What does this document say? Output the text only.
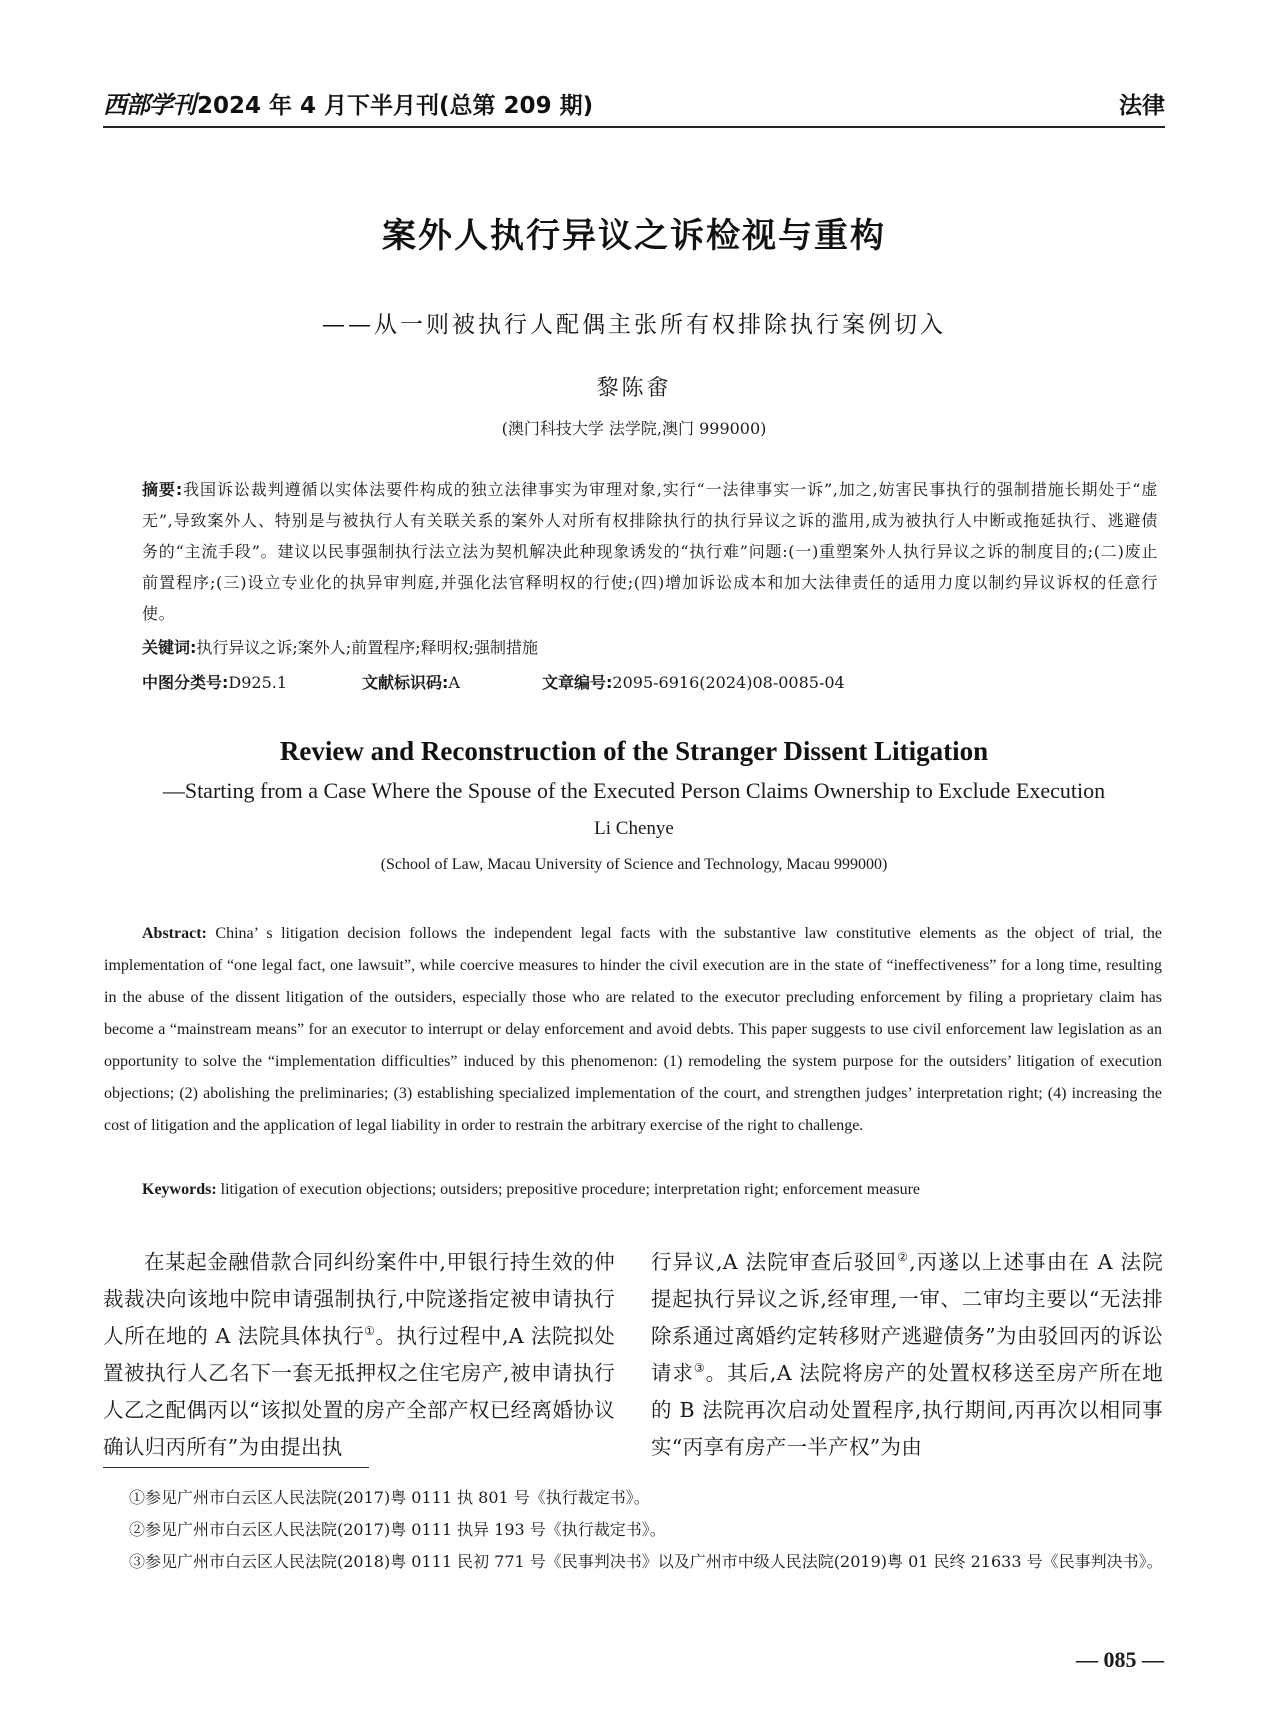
西部学刊 2024 年 4 月下半月刊(总第 209 期)	法律
案外人执行异议之诉检视与重构
——从一则被执行人配偶主张所有权排除执行案例切入
黎陈畬
(澳门科技大学 法学院,澳门 999000)
摘要:我国诉讼裁判遵循以实体法要件构成的独立法律事实为审理对象,实行“一法律事实一诉”,加之,妨害民事执行的强制措施长期处于“虚无”,导致案外人、特别是与被执行人有关联关系的案外人对所有权排除执行的执行异议之诉的滥用,成为被执行人中断或拖延执行、逃避债务的“主流手段”。建议以民事强制执行法立法为契机解决此种现象诱发的“执行难”问题:(一)重塑案外人执行异议之诉的制度目的;(二)废止前置程序;(三)设立专业化的执异审判庭,并强化法官释明权的行使;(四)增加诉讼成本和加大法律责任的适用力度以制约异议诉权的任意行使。
关键词:执行异议之诉;案外人;前置程序;释明权;强制措施
中图分类号:D925.1	文献标识码:A	文章编号:2095-6916(2024)08-0085-04
Review and Reconstruction of the Stranger Dissent Litigation
—Starting from a Case Where the Spouse of the Executed Person Claims Ownership to Exclude Execution
Li Chenye
(School of Law, Macau University of Science and Technology, Macau 999000)
Abstract: China’ s litigation decision follows the independent legal facts with the substantive law constitutive elements as the object of trial, the implementation of “one legal fact, one lawsuit”, while coercive measures to hinder the civil execution are in the state of “ineffectiveness” for a long time, resulting in the abuse of the dissent litigation of the outsiders, especially those who are related to the executor precluding enforcement by filing a proprietary claim has become a “mainstream means” for an executor to interrupt or delay enforcement and avoid debts. This paper suggests to use civil enforcement law legislation as an opportunity to solve the “implementation difficulties” induced by this phenomenon: (1) remodeling the system purpose for the outsiders’ litigation of execution objections; (2) abolishing the preliminaries; (3) establishing specialized implementation of the court, and strengthen judges’ interpretation right; (4) increasing the cost of litigation and the application of legal liability in order to restrain the arbitrary exercise of the right to challenge.
Keywords: litigation of execution objections; outsiders; prepositive procedure; interpretation right; enforcement measure
在某起金融借款合同纠纷案件中,甲银行持生效的仲裁裁决向该地中院申请强制执行,中院遂指定被申请执行人所在地的 A 法院具体执行①。执行过程中,A 法院拟处置被执行人乙名下一套无抵押权之住宅房产,被申请执行人乙之配偶丙以“该拟处置的房产全部产权已经离婚协议确认归丙所有”为由提出执
行异议,A 法院审查后驳回②,丙遂以上述事由在 A 法院提起执行异议之诉,经审理,一审、二审均主要以“无法排除系通过离婚约定转移财产逃避债务”为由驳回丙的诉讼请求③。其后,A 法院将房产的处置权移送至房产所在地的 B 法院再次启动处置程序,执行期间,丙再次以相同事实“丙享有房产一半产权”为由
①参见广州市白云区人民法院(2017)粤 0111 执 801 号《执行裁定书》。
②参见广州市白云区人民法院(2017)粤 0111 执异 193 号《执行裁定书》。
③参见广州市白云区人民法院(2018)粤 0111 民初 771 号《民事判决书》以及广州市中级人民法院(2019)粤 01 民终 21633 号《民事判决书》。
— 085 —
